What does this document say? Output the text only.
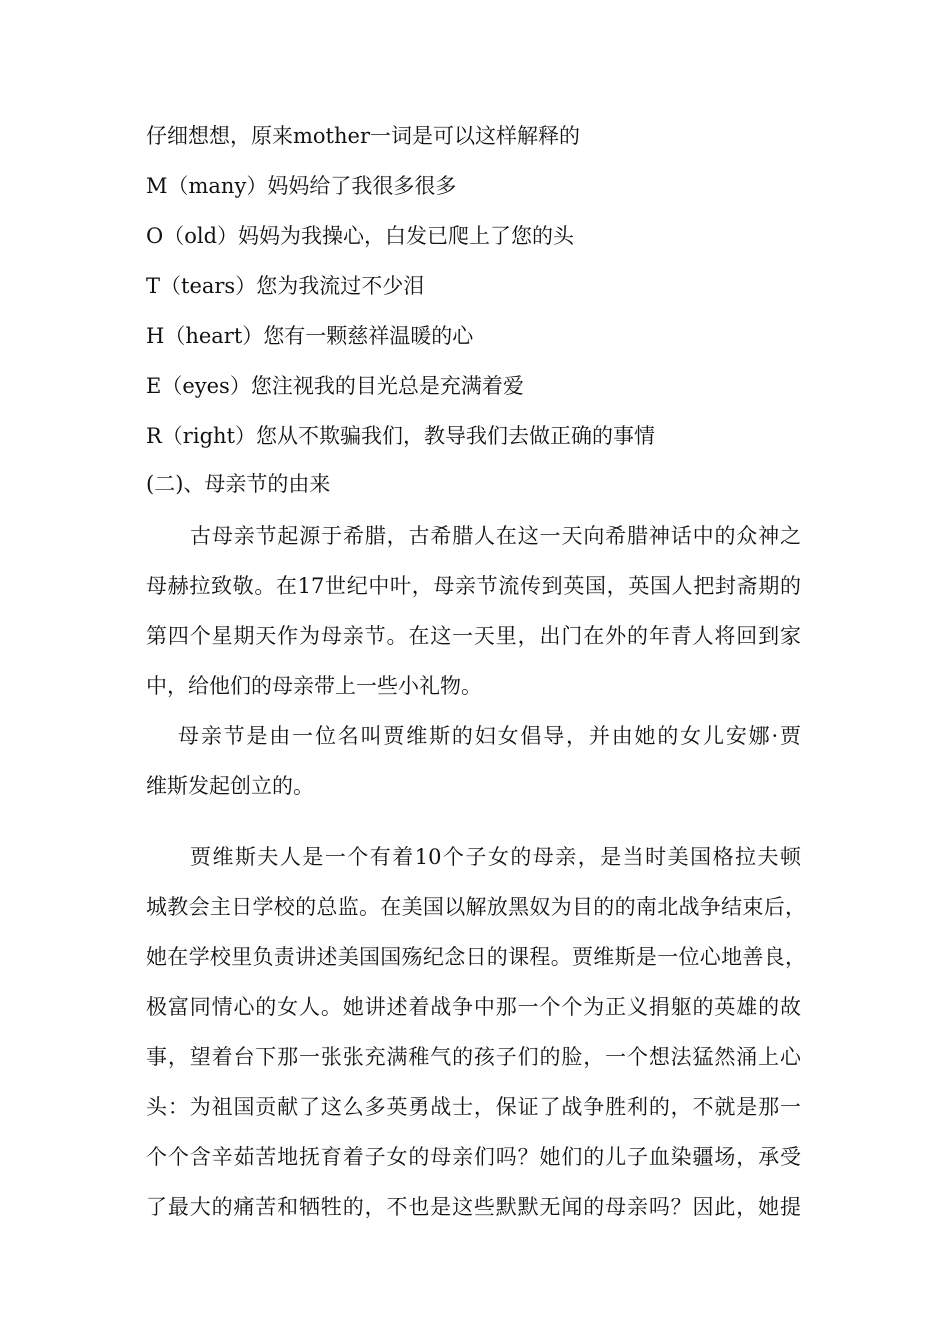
仔细想想，原来mother一词是可以这样解释的
M（many）妈妈给了我很多很多
O（old）妈妈为我操心，白发已爬上了您的头
T（tears）您为我流过不少泪
H（heart）您有一颗慈祥温暖的心
E（eyes）您注视我的目光总是充满着爱
R（right）您从不欺骗我们，教导我们去做正确的事情
(二)、母亲节的由来
古母亲节起源于希腊，古希腊人在这一天向希腊神话中的众神之
母赫拉致敬。在17世纪中叶，母亲节流传到英国，英国人把封斋期的
第四个星期天作为母亲节。在这一天里，出门在外的年青人将回到家
中，给他们的母亲带上一些小礼物。
母亲节是由一位名叫贾维斯的妇女倡导，并由她的女儿安娜·贾
维斯发起创立的。
贾维斯夫人是一个有着10个子女的母亲，是当时美国格拉夫顿
城教会主日学校的总监。在美国以解放黑奴为目的的南北战争结束后，
她在学校里负责讲述美国国殇纪念日的课程。贾维斯是一位心地善良，
极富同情心的女人。她讲述着战争中那一个个为正义捐躯的英雄的故
事，望着台下那一张张充满稚气的孩子们的脸，一个想法猛然涌上心
头：为祖国贡献了这么多英勇战士，保证了战争胜利的，不就是那一
个个含辛茹苦地抚育着子女的母亲们吗？她们的儿子血染疆场，承受
了最大的痛苦和牺牲的，不也是这些默默无闻的母亲吗？因此，她提
